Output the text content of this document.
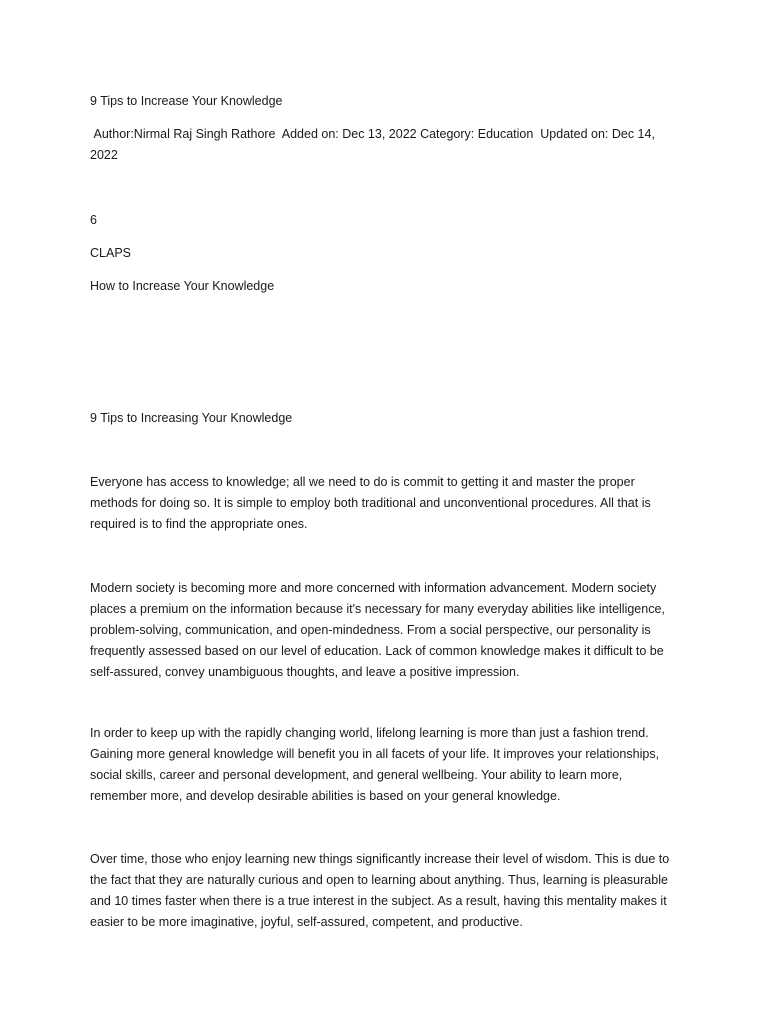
9 Tips to Increase Your Knowledge
Author:Nirmal Raj Singh Rathore  Added on: Dec 13, 2022 Category: Education  Updated on: Dec 14, 2022
6
CLAPS
How to Increase Your Knowledge
9 Tips to Increasing Your Knowledge

Everyone has access to knowledge; all we need to do is commit to getting it and master the proper methods for doing so. It is simple to employ both traditional and unconventional procedures. All that is required is to find the appropriate ones.

Modern society is becoming more and more concerned with information advancement. Modern society places a premium on the information because it's necessary for many everyday abilities like intelligence, problem-solving, communication, and open-mindedness. From a social perspective, our personality is frequently assessed based on our level of education. Lack of common knowledge makes it difficult to be self-assured, convey unambiguous thoughts, and leave a positive impression.

In order to keep up with the rapidly changing world, lifelong learning is more than just a fashion trend. Gaining more general knowledge will benefit you in all facets of your life. It improves your relationships, social skills, career and personal development, and general wellbeing. Your ability to learn more, remember more, and develop desirable abilities is based on your general knowledge.

Over time, those who enjoy learning new things significantly increase their level of wisdom. This is due to the fact that they are naturally curious and open to learning about anything. Thus, learning is pleasurable and 10 times faster when there is a true interest in the subject. As a result, having this mentality makes it easier to be more imaginative, joyful, self-assured, competent, and productive.
